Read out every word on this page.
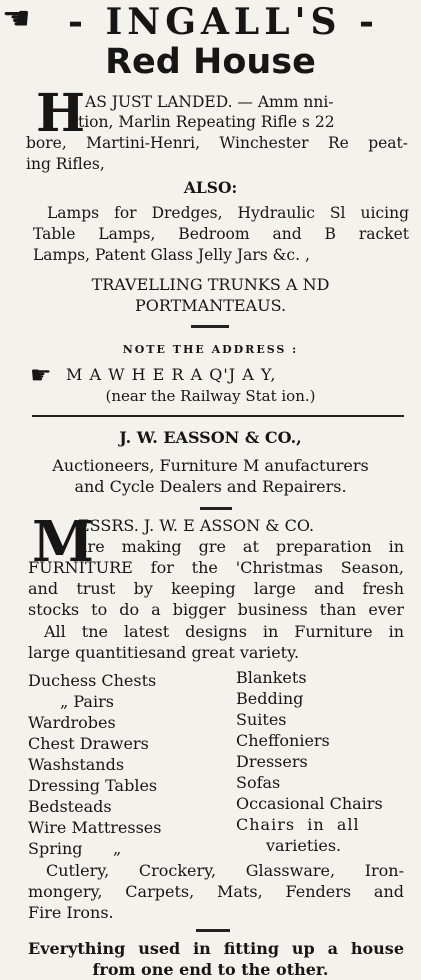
☚	- INGALL'S -
Red House
H AS JUST LANDED. — Amm nni-
tion, Marlin Repeating Rifle s 22
bore, Martini-Henri, Winchester Re peat-
ing Rifles,
ALSO:
Lamps for Dredges, Hydraulic Sl uicing
Table Lamps, Bedroom and B racket
Lamps, Patent Glass Jelly Jars &c. ,
TRAVELLING TRUNKS A ND
PORTMANTEAUS.
NOTE THE ADDRESS :
☛ M A W H E R A Q'J A Y,
(near the Railway Stat ion.)
J. W. EASSON & CO.,
Auctioneers, Furniture M anufacturers
and Cycle Dealers and Repairers.
M
ESSRS. J. W. E ASSON & CO.
are making gre at preparation in
FURNITURE for the 'Christmas Season,
and trust by keeping large and fresh
stocks to do a bigger business than ever
All tne latest designs in Furniture in
large quantitiesand great variety.
Duchess Chests
„ Pairs
Wardrobes
Chest Drawers
Washstands
Dressing Tables
Bedsteads
Wire Mattresses
Spring      „
Blankets
Bedding
Suites
Cheffoniers
Dressers
Sofas
Occasional Chairs
Chairs  in  all
varieties.
Cutlery, Crockery, Glassware, Iron-
mongery, Carpets, Mats, Fenders and
Fire Irons.
Everything used in fitting up a house
from one end to the other.
